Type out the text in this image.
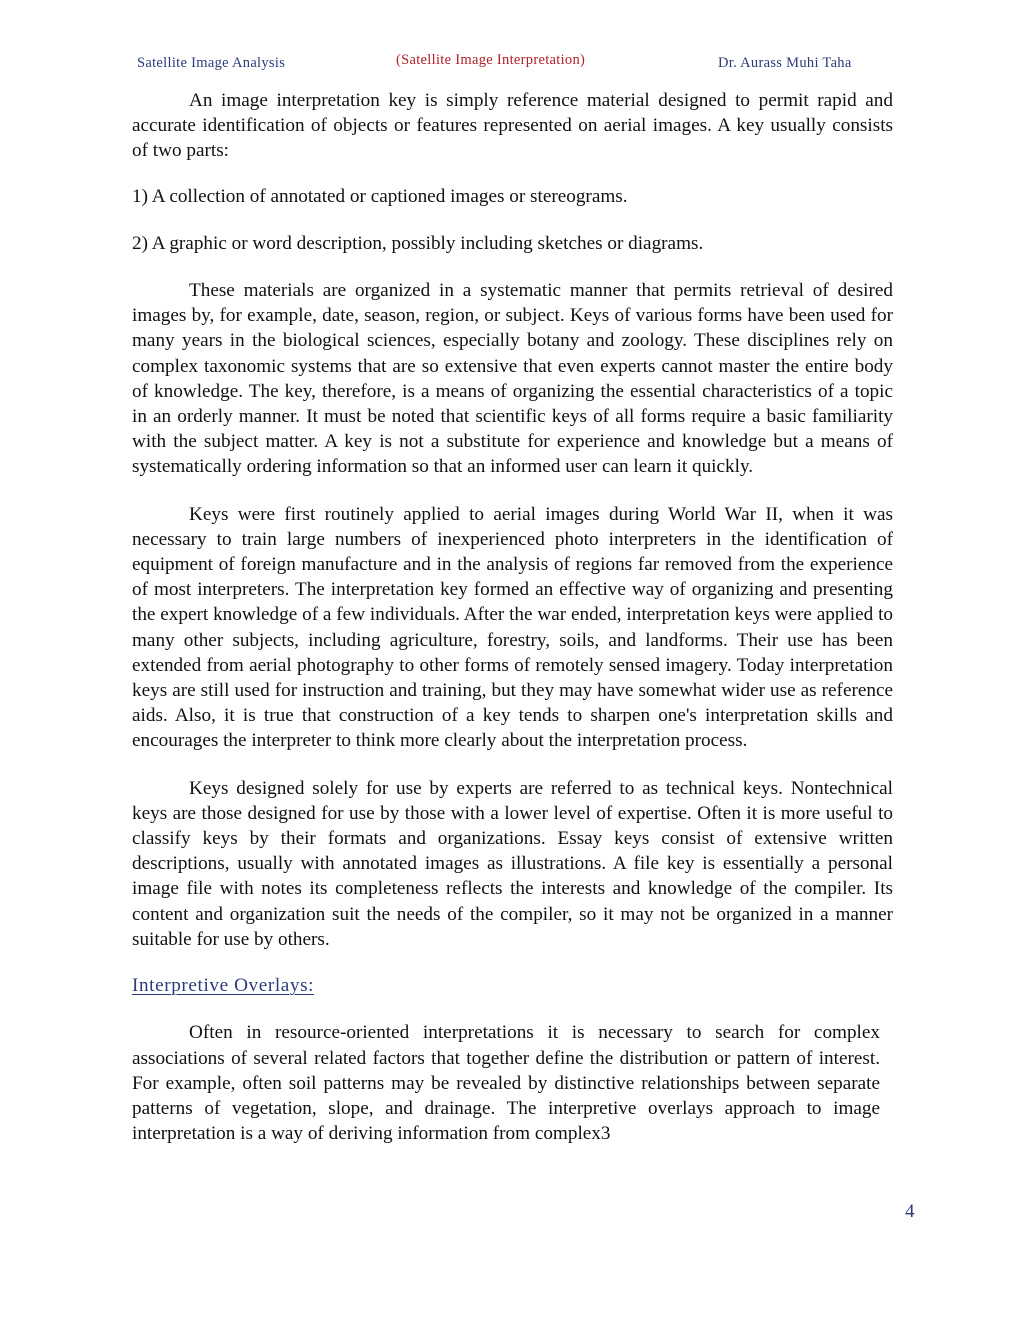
Satellite Image Analysis	(Satellite Image Interpretation)	Dr. Aurass Muhi Taha

An image interpretation key is simply reference material designed to permit rapid and accurate identification of objects or features represented on aerial images. A key usually consists of two parts:

1) A collection of annotated or captioned images or stereograms.

2) A graphic or word description, possibly including sketches or diagrams.

These materials are organized in a systematic manner that permits retrieval of desired images by, for example, date, season, region, or subject. Keys of various forms have been used for many years in the biological sciences, especially botany and zoology. These disciplines rely on complex taxonomic systems that are so extensive that even experts cannot master the entire body of knowledge. The key, therefore, is a means of organizing the essential characteristics of a topic in an orderly manner. It must be noted that scientific keys of all forms require a basic familiarity with the subject matter. A key is not a substitute for experience and knowledge but a means of systematically ordering information so that an informed user can learn it quickly.

Keys were first routinely applied to aerial images during World War II, when it was necessary to train large numbers of inexperienced photo interpreters in the identification of equipment of foreign manufacture and in the analysis of regions far removed from the experience of most interpreters. The interpretation key formed an effective way of organizing and presenting the expert knowledge of a few individuals. After the war ended, interpretation keys were applied to many other subjects, including agriculture, forestry, soils, and landforms. Their use has been extended from aerial photography to other forms of remotely sensed imagery. Today interpretation keys are still used for instruction and training, but they may have somewhat wider use as reference aids. Also, it is true that construction of a key tends to sharpen one's interpretation skills and encourages the interpreter to think more clearly about the interpretation process.

Keys designed solely for use by experts are referred to as technical keys. Nontechnical keys are those designed for use by those with a lower level of expertise. Often it is more useful to classify keys by their formats and organizations. Essay keys consist of extensive written descriptions, usually with annotated images as illustrations. A file key is essentially a personal image file with notes its completeness reflects the interests and knowledge of the compiler. Its content and organization suit the needs of the compiler, so it may not be organized in a manner suitable for use by others.

Interpretive Overlays:

Often in resource-oriented interpretations it is necessary to search for complex associations of several related factors that together define the distribution or pattern of interest. For example, often soil patterns may be revealed by distinctive relationships between separate patterns of vegetation, slope, and drainage. The interpretive overlays approach to image interpretation is a way of deriving information from complex3

4
